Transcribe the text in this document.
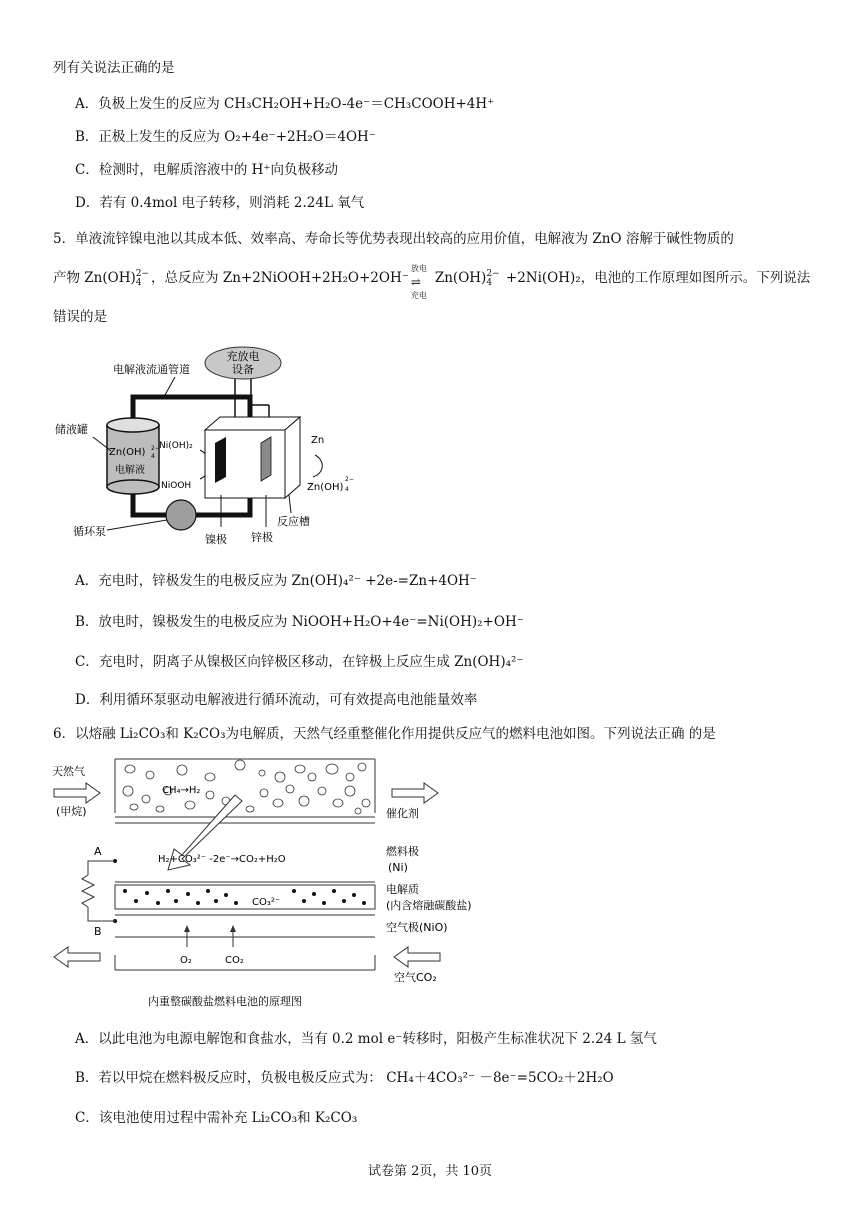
列有关说法正确的是
A．负极上发生的反应为 CH₃CH₂OH+H₂O-4e⁻＝CH₃COOH+4H⁺
B．正极上发生的反应为 O₂+4e⁻+2H₂O＝4OH⁻
C．检测时，电解质溶液中的 H⁺向负极移动
D．若有 0.4mol 电子转移，则消耗 2.24L 氧气
5．单液流锌镍电池以其成本低、效率高、寿命长等优势表现出较高的应用价值，电解液为 ZnO 溶解于碱性物质的
产物 Zn(OH) 2−
4 ，总反应为 Zn+2NiOOH+2H₂O+2OH⁻
放电
⇌
充电
Zn(OH) 2−
4 +2Ni(OH)₂，电池的工作原理如图所示。下列说法
错误的是
充放电
设备
电解液流通管道
Zn(OH) 2−
4
电解液
储液罐
循环泵
Ni(OH)₂
NiOOH
Zn
Zn(OH)
2−
4
反应槽
镍极 锌极
A．充电时，锌极发生的电极反应为 Zn(OH)₄²⁻ +2e-=Zn+4OH⁻
B．放电时，镍极发生的电极反应为 NiOOH+H₂O+4e⁻=Ni(OH)₂+OH⁻
C．充电时，阴离子从镍极区向锌极区移动，在锌极上反应生成 Zn(OH)₄²⁻
D．利用循环泵驱动电解液进行循环流动，可有效提高电池能量效率
6．以熔融 Li₂CO₃和 K₂CO₃为电解质，天然气经重整催化作用提供反应气的燃料电池如图。下列说法正确 的是
CH₄→H₂
催化剂
H₂+CO₃²⁻ -2e⁻→CO₂+H₂O
燃料极
(Ni)
CO₃²⁻
电解质
(内含熔融碳酸盐)
空气极(NiO)
O₂	CO₂
A
B
天然气
(甲烷)
空气CO₂
内重整碳酸盐燃料电池的原理图
A．以此电池为电源电解饱和食盐水，当有 0.2 mol e⁻转移时，阳极产生标准状况下 2.24 L 氢气
B．若以甲烷在燃料极反应时，负极电极反应式为： CH₄＋4CO₃²⁻ －8e⁻=5CO₂＋2H₂O
C．该电池使用过程中需补充 Li₂CO₃和 K₂CO₃
试卷第 2页，共 10页
